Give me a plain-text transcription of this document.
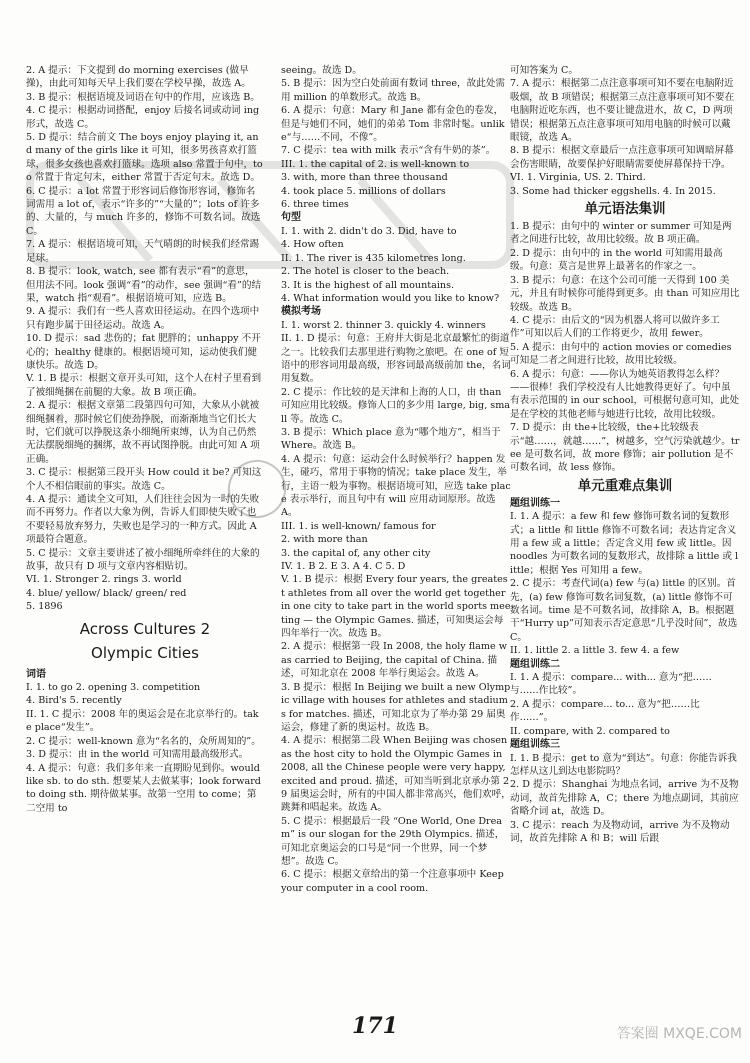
2. A 提示：下文提到 do morning exercises (做早操)，由此可知每天早上我们要在学校早操，故选 A。
3. B 提示：根据语境及词语在句中的作用，应该选 B。
4. C 提示：根据动词搭配，enjoy 后接名词或动词 ing 形式，故选 C。
5. D 提示：结合前文 The boys enjoy playing it, and many of the girls like it 可知，很多男孩喜欢打篮球，很多女孩也喜欢打篮球。选项 also 常置于句中，too 常置于肯定句末，either 常置于否定句末。故选 D。
6. C 提示：a lot 常置于形容词后修饰形容词，修饰名词需用 a lot of，表示“许多的”“大量的”；lots of 许多的、大量的，与 much 许多的，修饰不可数名词。故选 C。
7. A 提示：根据语境可知，天气晴朗的时候我们经常踢足球。
8. B 提示：look, watch, see 都有表示“看”的意思，但用法不同。look 强调“看”的动作，see 强调“看”的结果，watch 指“观看”。根据语境可知，应选 B。
9. A 提示：我们有一些人喜欢田径运动。在四个选项中只有跑步属于田径运动。故选 A。
10. D 提示：sad 悲伤的；fat 肥胖的；unhappy 不开心的；healthy 健康的。根据语境可知，运动使我们健康快乐。故选 D。
V. 1. B 提示：根据文章开头可知，这个人在村子里看到了被细绳捆在前腿的大象。故 B 项正确。
2. A 提示：根据文章第二段第四句可知，大象从小就被细绳捆着，那时候它们使劲挣脱，而渐渐地当它们长大时，它们就可以挣脱这条小细绳所束缚，认为自己仍然无法摆脱细绳的捆绑，故不再试图挣脱。由此可知 A 项正确。
3. C 提示：根据第三段开头 How could it be? 可知这个人不相信眼前的事实。故选 C。
4. A 提示：通读全文可知，人们往往会因为一时的失败而不再努力。作者以大象为例，告诉人们即使失败了也不要轻易放弃努力，失败也是学习的一种方式。因此 A 项最符合题意。
5. C 提示：文章主要讲述了被小细绳所牵绊住的大象的故事，故只有 D 项与文章内容相贴切。
VI. 1. Stronger 2. rings 3. world
4. blue/ yellow/ black/ green/ red
5. 1896
Across Cultures 2
Olympic Cities
词语
I. 1. to go 2. opening 3. competition
4. Bird's 5. recently
II. 1. C 提示：2008 年的奥运会是在北京举行的。take place“发生”。
2. C 提示：well-known 意为“名名的，众所周知的”。
3. D 提示：由 in the world 可知需用最高级形式。
4. A 提示：句意：我们多年来一直期盼见到你。would like sb. to do sth. 想要某人去做某事；look forward to doing sth. 期待做某事。故第一空用 to come；第二空用 to
seeing。故选 D。
5. B 提示：因为空白处前面有数词 three，故此处需用 million 的单数形式。故选 B。
6. A 提示：句意：Mary 和 Jane 都有金色的卷发，但是与她们不同，她们的弟弟 Tom 非常时髦。unlike“与……不同，不像”。
7. C 提示：tea with milk 表示“含有牛奶的茶”。
III. 1. the capital of 2. is well-known to
3. with, more than three thousand
4. took place 5. millions of dollars
6. three times
句型
I. 1. with 2. didn't do 3. Did, have to
4. How often
II. 1. The river is 435 kilometres long.
2. The hotel is closer to the beach.
3. It is the highest of all mountains.
4. What information would you like to know?
模拟考场
I. 1. worst 2. thinner 3. quickly 4. winners
II. 1. D 提示：句意：王府井大街是北京最繁忙的街道之一。比较我们去那里进行购物之旅吧。在 one of 短语中的形容词用最高级，形容词最高级前加 the，名词用复数。
2. C 提示：作比较的是天津和上海的人口，由 than 可知应用比较级。修饰人口的多少用 large, big, small 等。故选 C。
3. B 提示：Which place 意为“哪个地方”，相当于 Where。故选 B。
4. A 提示：句意：运动会什么时候举行？happen 发生，碰巧，常用于事物的情况；take place 发生，举行，主语一般为事物。根据语境可知，应选 take place 表示举行，而且句中有 will 应用动词原形。故选 A。
III. 1. is well-known/ famous for
2. with more than
3. the capital of, any other city
IV. 1. B 2. E 3. A 4. C 5. D
V. 1. B 提示：根据 Every four years, the greatest athletes from all over the world get together in one city to take part in the world sports meeting — the Olympic Games. 描述，可知奥运会每四年举行一次。故选 B。
2. A 提示：根据第一段 In 2008, the holy flame was carried to Beijing, the capital of China. 描述，可知北京在 2008 年举行奥运会。故选 A。
3. B 提示：根据 In Beijing we built a new Olympic village with houses for athletes and stadiums for matches. 描述，可知北京为了举办第 29 届奥运会，修建了新的奥运村。故选 B。
4. A 提示：根据第二段 When Beijing was chosen as the host city to hold the Olympic Games in 2008, all the Chinese people were very happy, excited and proud. 描述，可知当听到北京承办第 29 届奥运会时，所有的中国人都非常高兴，他们欢呼，跳舞和唱起来。故选 A。
5. C 提示：根据最后一段 “One World, One Dream” is our slogan for the 29th Olympics. 描述，可知北京奥运会的口号是“同一个世界，同一个梦想”。故选 C。
6. C 提示：根据文章给出的第一个注意事项中 Keep your computer in a cool room.
可知答案为 C。
7. A 提示：根据第二点注意事项可知不要在电脑附近吸烟，故 B 项错误；根据第三点注意事项可知不要在电脑附近吃东西，也不要让键盘进水，故 C，D 两项错误；根据第五点注意事项可知用电脑的时候可以戴眼镜，故选 A。
8. B 提示：根据文章最后一点注意事项可知调暗屏幕会伤害眼睛，故要保护好眼睛需要使屏幕保持干净。
VI. 1. Virginia, US. 2. Third.
3. Some had thicker eggshells. 4. In 2015.
单元语法集训
1. B 提示：由句中的 winter or summer 可知是两者之间进行比较，故用比较级。故 B 项正确。
2. D 提示：由句中的 in the world 可知需用最高级。句意：莫言是世界上最著名的作家之一。
3. B 提示：句意：在这个公司可能一天得到 100 美元，并且有时候你可能得到更多。由 than 可知应用比较级。故选 B。
4. C 提示：由后文的“因为机器人将可以做许多工作”可知以后人们的工作将更少，故用 fewer。
5. A 提示：由句中的 action movies or comedies 可知是二者之间进行比较，故用比较级。
6. A 提示：句意：——你认为她英语教得怎么样？——很棒！我们学校没有人比她教得更好了。句中虽有表示范围的 in our school，可根据句意可知，此处是在学校的其他老师与她进行比较，故用比较级。
7. D 提示：由 the+比较级，the+比较级表示“越……，就越……”，树越多，空气污染就越少。tree 是可数名词，故 more 修饰；air pollution 是不可数名词，故 less 修饰。
单元重难点集训
题组训练一
I. 1. A 提示：a few 和 few 修饰可数名词的复数形式；a little 和 little 修饰不可数名词；表达肯定含义用 a few 或 a little；否定含义用 few 或 little。因 noodles 为可数名词的复数形式，故排除 a little 或 little；根据 Yes 可知用 a few。
2. C 提示：考查代词(a) few 与(a) little 的区别。首先，(a) few 修饰可数名词复数，(a) little 修饰不可数名词。time 是不可数名词，故排除 A，B。根据题干“Hurry up”可知表示否定意思“几乎没时间”，故选 C。
II. 1. little 2. a little 3. few 4. a few
题组训练二
I. 1. A 提示：compare... with... 意为“把……与……作比较”。
2. A 提示：compare... to... 意为“把……比作……”。
II. compare, with 2. compared to
题组训练三
I. 1. B 提示：get to 意为“到达”。句意：你能告诉我怎样从这儿到达电影院吗？
2. D 提示：Shanghai 为地点名词，arrive 为不及物动词，故首先排除 A，C；there 为地点副词，其前应省略介词 at，故选 D。
3. C 提示：reach 为及物动词，arrive 为不及物动词，故首先排除 A 和 B；will 后跟
171	答案圈 MXQE.COM
